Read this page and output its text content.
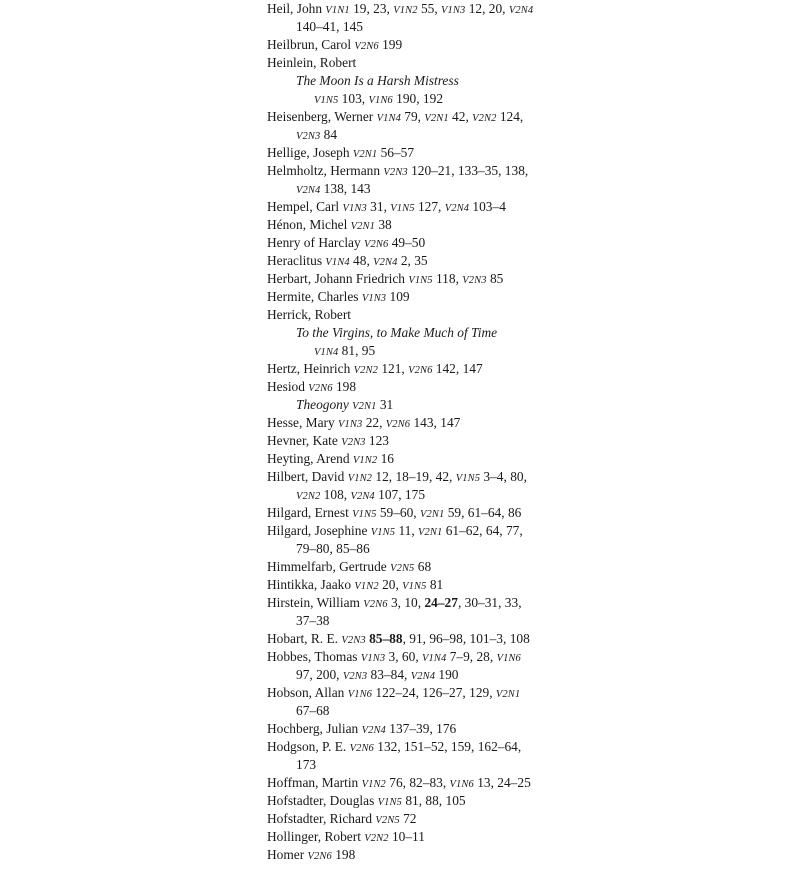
Heil, John V1N1 19, 23, V1N2 55, V1N3 12, 20, V2N4
140–41, 145
Heilbrun, Carol V2N6 199
Heinlein, Robert
The Moon Is a Harsh Mistress
V1N5 103, V1N6 190, 192
Heisenberg, Werner V1N4 79, V2N1 42, V2N2 124,
V2N3 84
Hellige, Joseph V2N1 56–57
Helmholtz, Hermann V2N3 120–21, 133–35, 138,
V2N4 138, 143
Hempel, Carl V1N3 31, V1N5 127, V2N4 103–4
Hénon, Michel V2N1 38
Henry of Harclay V2N6 49–50
Heraclitus V1N4 48, V2N4 2, 35
Herbart, Johann Friedrich V1N5 118, V2N3 85
Hermite, Charles V1N3 109
Herrick, Robert
To the Virgins, to Make Much of Time
V1N4 81, 95
Hertz, Heinrich V2N2 121, V2N6 142, 147
Hesiod V2N6 198
Theogony V2N1 31
Hesse, Mary V1N3 22, V2N6 143, 147
Hevner, Kate V2N3 123
Heyting, Arend V1N2 16
Hilbert, David V1N2 12, 18–19, 42, V1N5 3–4, 80,
V2N2 108, V2N4 107, 175
Hilgard, Ernest V1N5 59–60, V2N1 59, 61–64, 86
Hilgard, Josephine V1N5 11, V2N1 61–62, 64, 77,
79–80, 85–86
Himmelfarb, Gertrude V2N5 68
Hintikka, Jaako V1N2 20, V1N5 81
Hirstein, William V2N6 3, 10, 24–27, 30–31, 33,
37–38
Hobart, R. E. V2N3 85–88, 91, 96–98, 101–3, 108
Hobbes, Thomas V1N3 3, 60, V1N4 7–9, 28, V1N6
97, 200, V2N3 83–84, V2N4 190
Hobson, Allan V1N6 122–24, 126–27, 129, V2N1
67–68
Hochberg, Julian V2N4 137–39, 176
Hodgson, P. E. V2N6 132, 151–52, 159, 162–64,
173
Hoffman, Martin V1N2 76, 82–83, V1N6 13, 24–25
Hofstadter, Douglas V1N5 81, 88, 105
Hofstadter, Richard V2N5 72
Hollinger, Robert V2N2 10–11
Homer V2N6 198
